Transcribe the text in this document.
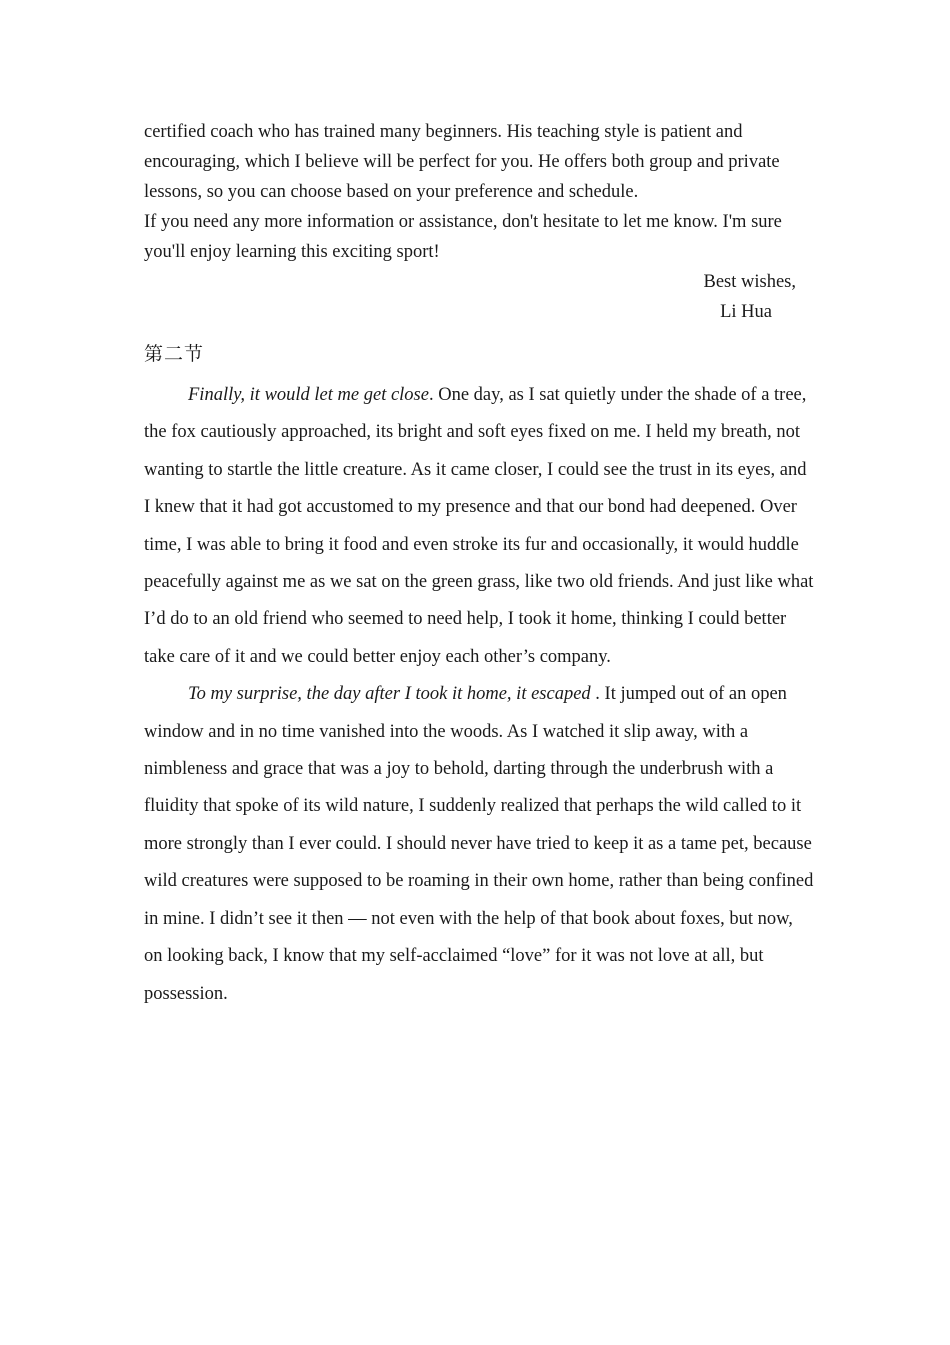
certified coach who has trained many beginners. His teaching style is patient and encouraging, which I believe will be perfect for you. He offers both group and private lessons, so you can choose based on your preference and schedule.

If you need any more information or assistance, don't hesitate to let me know. I'm sure you'll enjoy learning this exciting sport!

Best wishes,
Li Hua
第二节

Finally, it would let me get close. One day, as I sat quietly under the shade of a tree, the fox cautiously approached, its bright and soft eyes fixed on me. I held my breath, not wanting to startle the little creature. As it came closer, I could see the trust in its eyes, and I knew that it had got accustomed to my presence and that our bond had deepened. Over time, I was able to bring it food and even stroke its fur and occasionally, it would huddle peacefully against me as we sat on the green grass, like two old friends. And just like what I’d do to an old friend who seemed to need help, I took it home, thinking I could better take care of it and we could better enjoy each other’s company.

To my surprise, the day after I took it home, it escaped . It jumped out of an open window and in no time vanished into the woods. As I watched it slip away, with a nimbleness and grace that was a joy to behold, darting through the underbrush with a fluidity that spoke of its wild nature, I suddenly realized that perhaps the wild called to it more strongly than I ever could. I should never have tried to keep it as a tame pet, because wild creatures were supposed to be roaming in their own home, rather than being confined in mine. I didn’t see it then — not even with the help of that book about foxes, but now, on looking back, I know that my self-acclaimed “love” for it was not love at all, but possession.
